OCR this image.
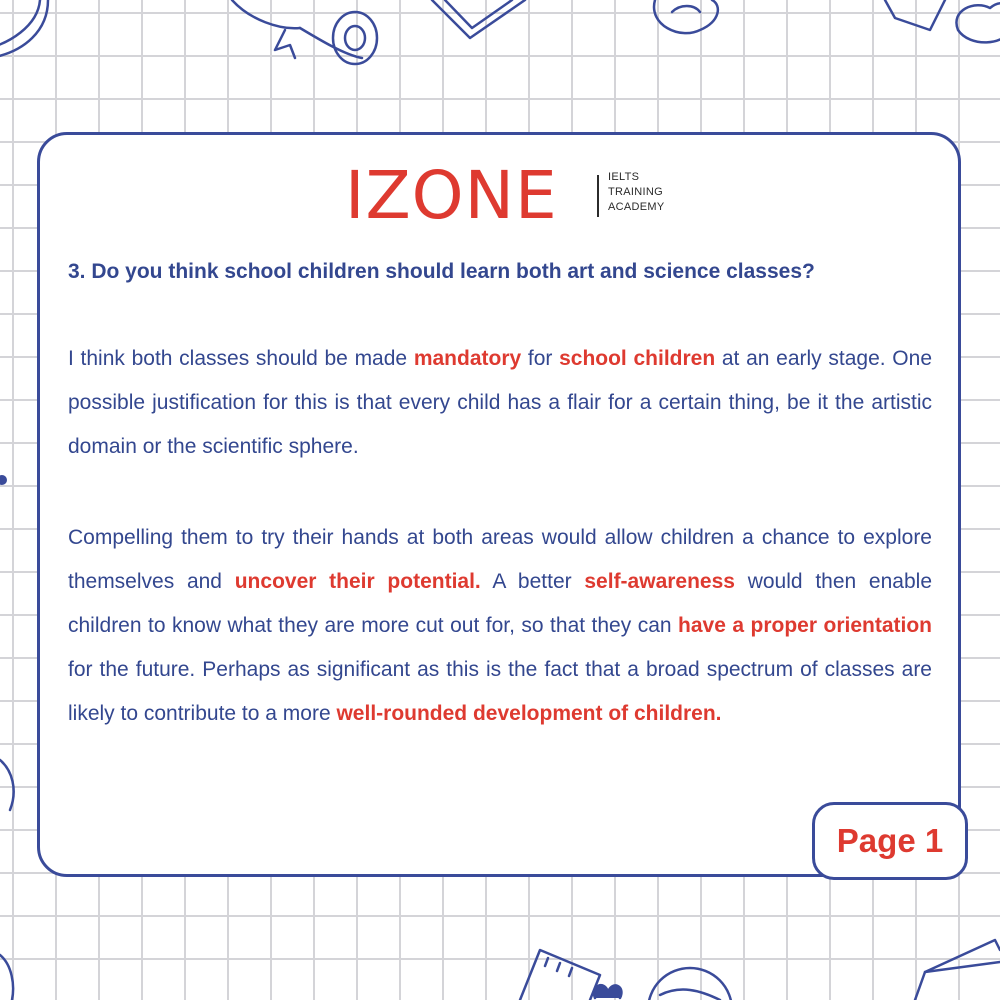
IZONE	IELTS
TRAINING
ACADEMY

3. Do you think school children should learn both art and science classes?

I think both classes should be made mandatory for school children at an early stage. One possible justification for this is that every child has a flair for a certain thing, be it the artistic domain or the scientific sphere.

Compelling them to try their hands at both areas would allow children a chance to explore themselves and uncover their potential. A better self-awareness would then enable children to know what they are more cut out for, so that they can have a proper orientation for the future. Perhaps as significant as this is the fact that a broad spectrum of classes are likely to contribute to a more well-rounded development of children.

Page 1
